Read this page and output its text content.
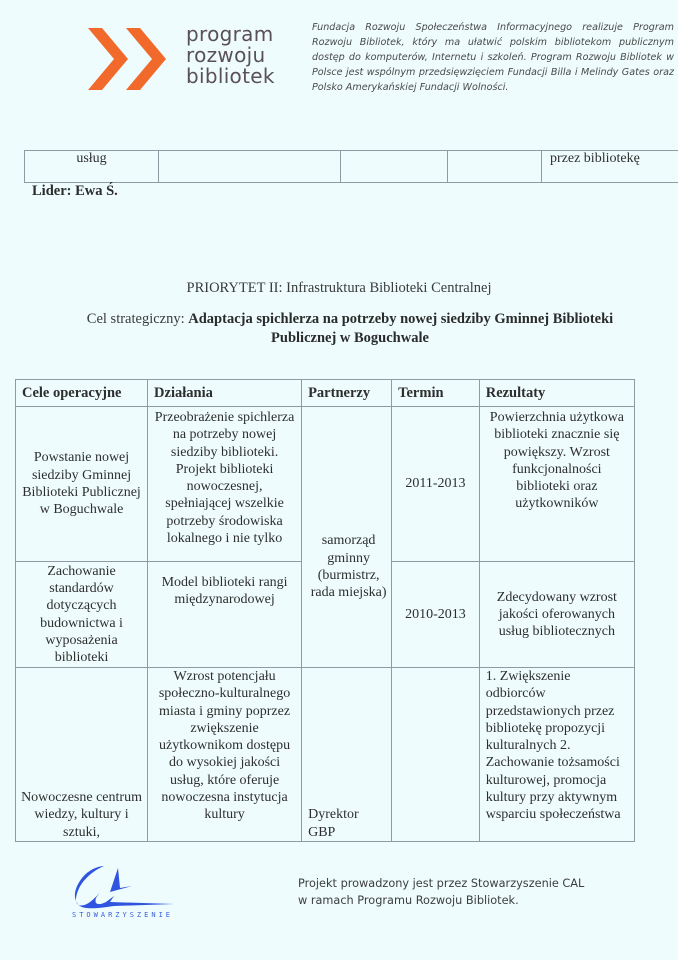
program
rozwoju
bibliotek
Fundacja Rozwoju Społeczeństwa Informacyjnego realizuje Program Rozwoju Bibliotek, który ma ułatwić polskim bibliotekom publicznym dostęp do komputerów, Internetu i szkoleń. Program Rozwoju Bibliotek w Polsce jest wspólnym przedsięwzięciem Fundacji Billa i Melindy Gates oraz Polsko Amerykańskiej Fundacji Wolności.
usług				przez bibliotekę
Lider: Ewa Ś.
PRIORYTET II: Infrastruktura Biblioteki Centralnej
Cel strategiczny: Adaptacja spichlerza na potrzeby nowej siedziby Gminnej Biblioteki Publicznej w Boguchwale
Cele operacyjne	Działania	Partnerzy	Termin	Rezultaty
Powstanie nowej siedziby Gminnej Biblioteki Publicznej w Boguchwale	Przeobrażenie spichlerza na potrzeby nowej siedziby biblioteki. Projekt biblioteki nowoczesnej, spełniającej wszelkie potrzeby środowiska lokalnego i nie tylko	samorząd gminny (burmistrz, rada miejska)	2011-2013	Powierzchnia użytkowa biblioteki znacznie się powiększy. Wzrost funkcjonalności biblioteki oraz użytkowników
Zachowanie standardów dotyczących budownictwa i wyposażenia biblioteki	Model biblioteki rangi międzynarodowej		2010-2013	Zdecydowany wzrost jakości oferowanych usług bibliotecznych
Nowoczesne centrum wiedzy, kultury i sztuki,	Wzrost potencjału społeczno-kulturalnego miasta i gminy poprzez zwiększenie użytkownikom dostępu do wysokiej jakości usług, które oferuje nowoczesna instytucja kultury	Dyrektor GBP		1. Zwiększenie odbiorców przedstawionych przez bibliotekę propozycji kulturalnych 2. Zachowanie tożsamości kulturowej, promocja kultury przy aktywnym wsparciu społeczeństwa
STOWARZYSZENIE
Projekt prowadzony jest przez Stowarzyszenie CAL
w ramach Programu Rozwoju Bibliotek.
